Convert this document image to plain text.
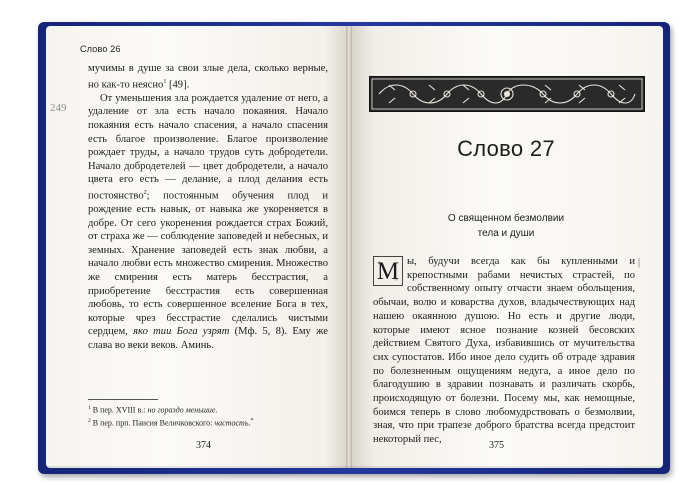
Слово 26
249

мучимы в душе за свои злые дела, сколько верные, но как-то неясно$^1$ [49].

От уменьшения зла рождается удаление от него, а удаление от зла есть начало покаяния. Начало покаяния есть начало спасения, а начало спасения есть благое произволение. Благое произволение рождает труды, а начало трудов суть добродетели. Начало добродетелей — цвет добродетели, а начало цвета его есть — делание, а плод делания есть постоянство$^2$; постоянным обучения плод и рождение есть навык, от навыка же укореняется в добре. От сего укоренения рождается страх Божий, от страха же — соблюдение заповедей и небесных, и земных. Хранение заповедей есть знак любви, а начало любви есть множество смирения. Множество же смирения есть матерь бесстрастия, а приобретение бесстрастия есть совершенная любовь, то есть совершенное вселение Бога в тех, которые чрез бесстрастие сделались чистыми сердцем, яко тии Бога узрят (Мф. 5, 8). Ему же слава во веки веков. Аминь.

$^1$ В пер. XVIII в.: но гораздо меньшие.
$^2$ В пер. прп. Паисия Величковского: частость.*
374
Слово 27
О священном безмолвии
тела и души

М ы, будучи всегда как бы купленными и крепостными рабами нечистых страстей, по собственному опыту отчасти знаем обольщения, обычаи, волю и коварства духов, владычествующих над нашею окаянною душою. Но есть и другие люди, которые имеют ясное познание козней бесовских действием Святого Духа, избавившись от мучительства сих супостатов. Ибо иное дело судить об отраде здравия по болезненным ощущениям недуга, а иное дело по благодушию в здравии познавать и различать скорбь, происходящую от болезни. Посему мы, как немощные, боимся теперь в слово любомудрствовать о безмолвии, зная, что при трапезе доброго братства всегда предстоит некоторый пес,

|
375
